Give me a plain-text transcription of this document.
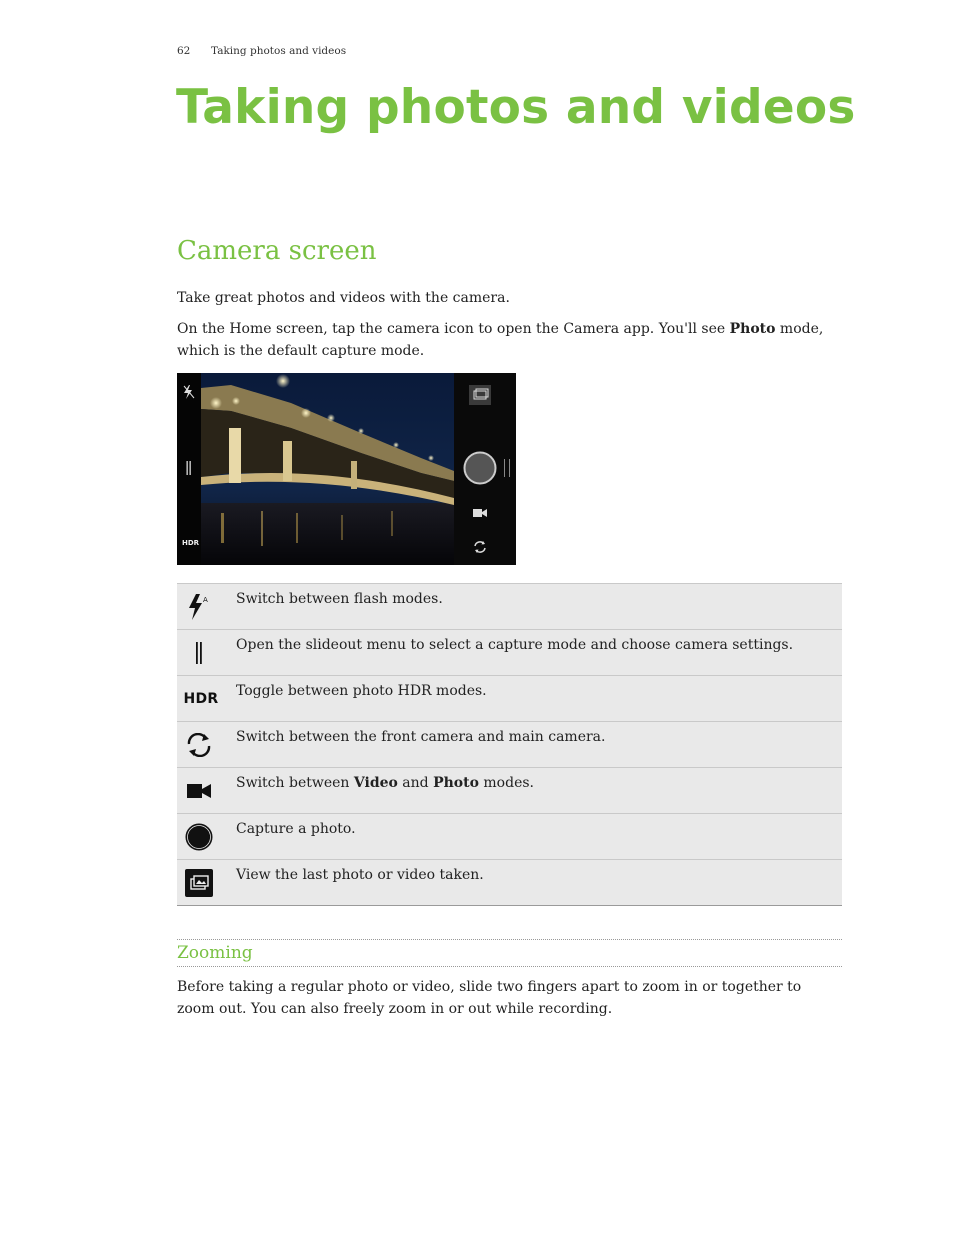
62 Taking photos and videos
Taking photos and videos
Camera screen

Take great photos and videos with the camera.

On the Home screen, tap the camera icon to open the Camera app. You'll see Photo mode, which is the default capture mode.

HDR
A Switch between flash modes.
Open the slideout menu to select a capture mode and choose camera settings.
HDR Toggle between photo HDR modes.
Switch between the front camera and main camera.
Switch between Video and Photo modes.
Capture a photo.
View the last photo or video taken.
Zooming

Before taking a regular photo or video, slide two fingers apart to zoom in or together to zoom out. You can also freely zoom in or out while recording.
